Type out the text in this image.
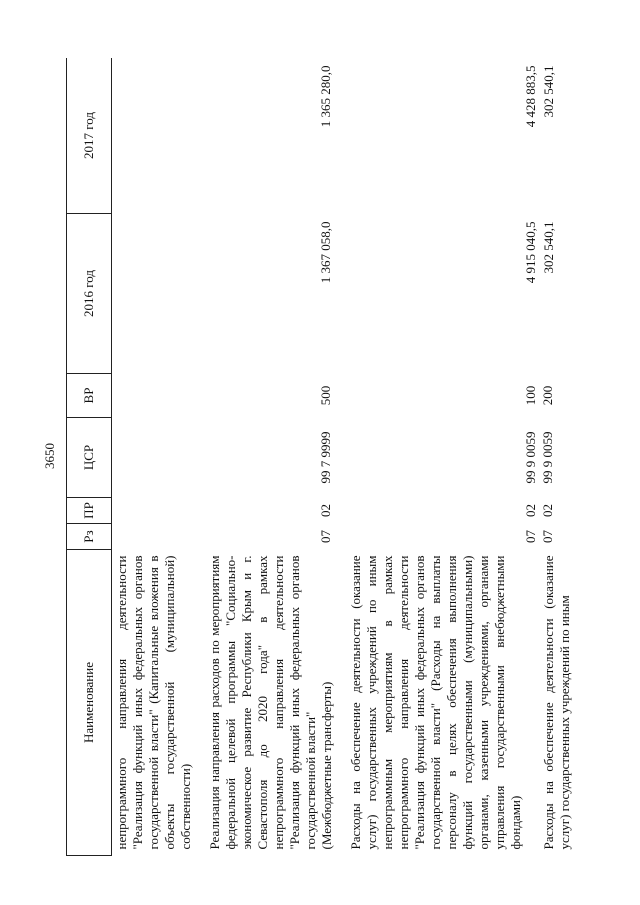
3650
Наименование	Рз	ПР	ЦСР	ВР	2016 год	2017 год
непрограммного направления деятельности "Реализация функций иных федеральных органов государственной власти" (Капитальные вложения в объекты государственной (муниципальной) собственности)						
Реализация направления расходов по мероприятиям федеральной целевой программы "Социально-экономическое развитие Республики Крым и г. Севастополя до 2020 года" в рамках непрограммного направления деятельности "Реализация функций иных федеральных органов государственной власти" (Межбюджетные трансферты)	07	02	99 7 9999	500	1 367 058,0	1 365 280,0
Расходы на обеспечение деятельности (оказание услуг) государственных учреждений по иным непрограммным мероприятиям в рамках непрограммного направления деятельности "Реализация функций иных федеральных органов государственной власти" (Расходы на выплаты персоналу в целях обеспечения выполнения функций государственными (муниципальными) органами, казенными учреждениями, органами управления государственными внебюджетными фондами)	07	02	99 9 0059	100	4 915 040,5	4 428 883,5
Расходы на обеспечение деятельности (оказание услуг) государственных учреждений по иным	07	02	99 9 0059	200	302 540,1	302 540,1
